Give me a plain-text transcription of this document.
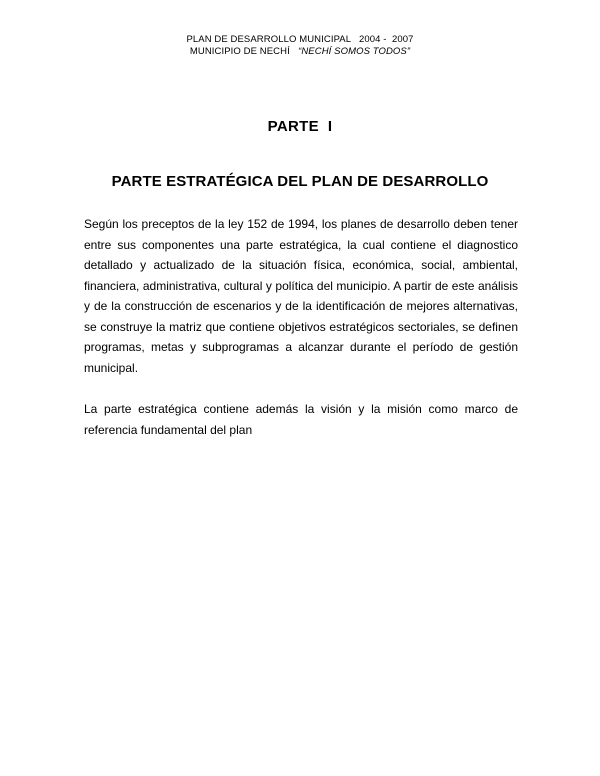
PLAN DE DESARROLLO MUNICIPAL   2004 -  2007
MUNICIPIO DE NECHÍ “NECHÍ SOMOS TODOS”
PARTE  I
PARTE ESTRATÉGICA DEL PLAN DE DESARROLLO
Según los preceptos de la ley 152 de 1994, los planes de desarrollo deben tener entre sus componentes una parte estratégica, la cual contiene el diagnostico detallado y actualizado de la situación física, económica, social, ambiental, financiera, administrativa, cultural y política del municipio. A partir de este análisis y de la construcción de escenarios y de la identificación de mejores alternativas, se construye la matriz que contiene objetivos estratégicos sectoriales, se definen programas, metas y subprogramas a alcanzar durante el período de gestión municipal.
La parte estratégica contiene además la visión y la misión como marco de referencia fundamental del plan
